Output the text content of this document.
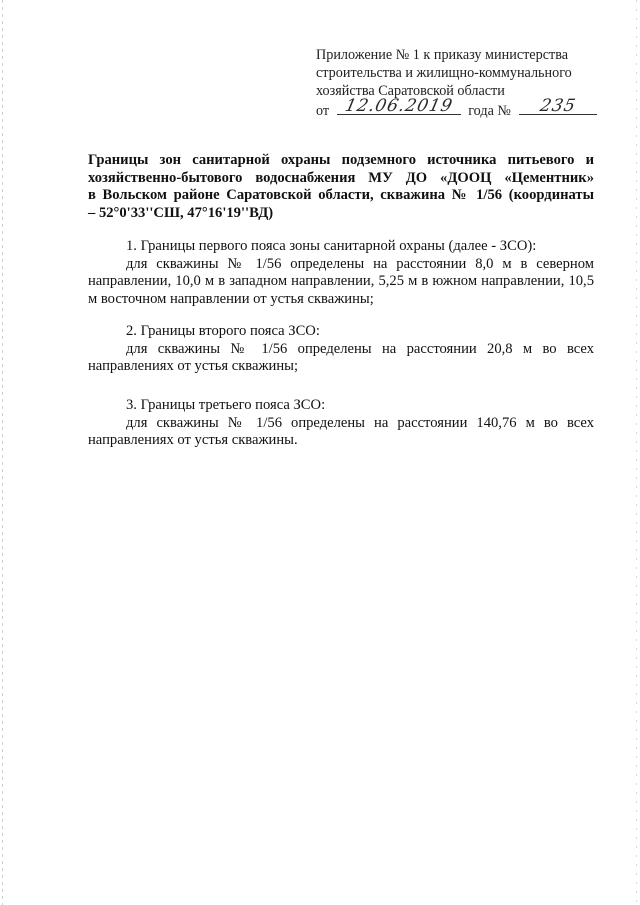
Приложение № 1 к приказу министерства
строительства и жилищно-коммунального
хозяйства Саратовской области
от 12.06.2019 года №	235
Границы зон санитарной охраны подземного источника питьевого и
хозяйственно-бытового водоснабжения МУ ДО «ДООЦ «Цементник»
в Вольском районе Саратовской области, скважина № 1/56 (координаты
– 52°0'33''СШ, 47°16'19''ВД)
1. Границы первого пояса зоны санитарной охраны (далее - ЗСО):
для скважины № 1/56 определены на расстоянии 8,0 м в северном направлении, 10,0 м в западном направлении, 5,25 м в южном направлении, 10,5 м восточном направлении от устья скважины;
2. Границы второго пояса ЗСО:
для скважины № 1/56 определены на расстоянии 20,8 м во всех направлениях от устья скважины;
3. Границы третьего пояса ЗСО:
для скважины № 1/56 определены на расстоянии 140,76 м во всех направлениях от устья скважины.
